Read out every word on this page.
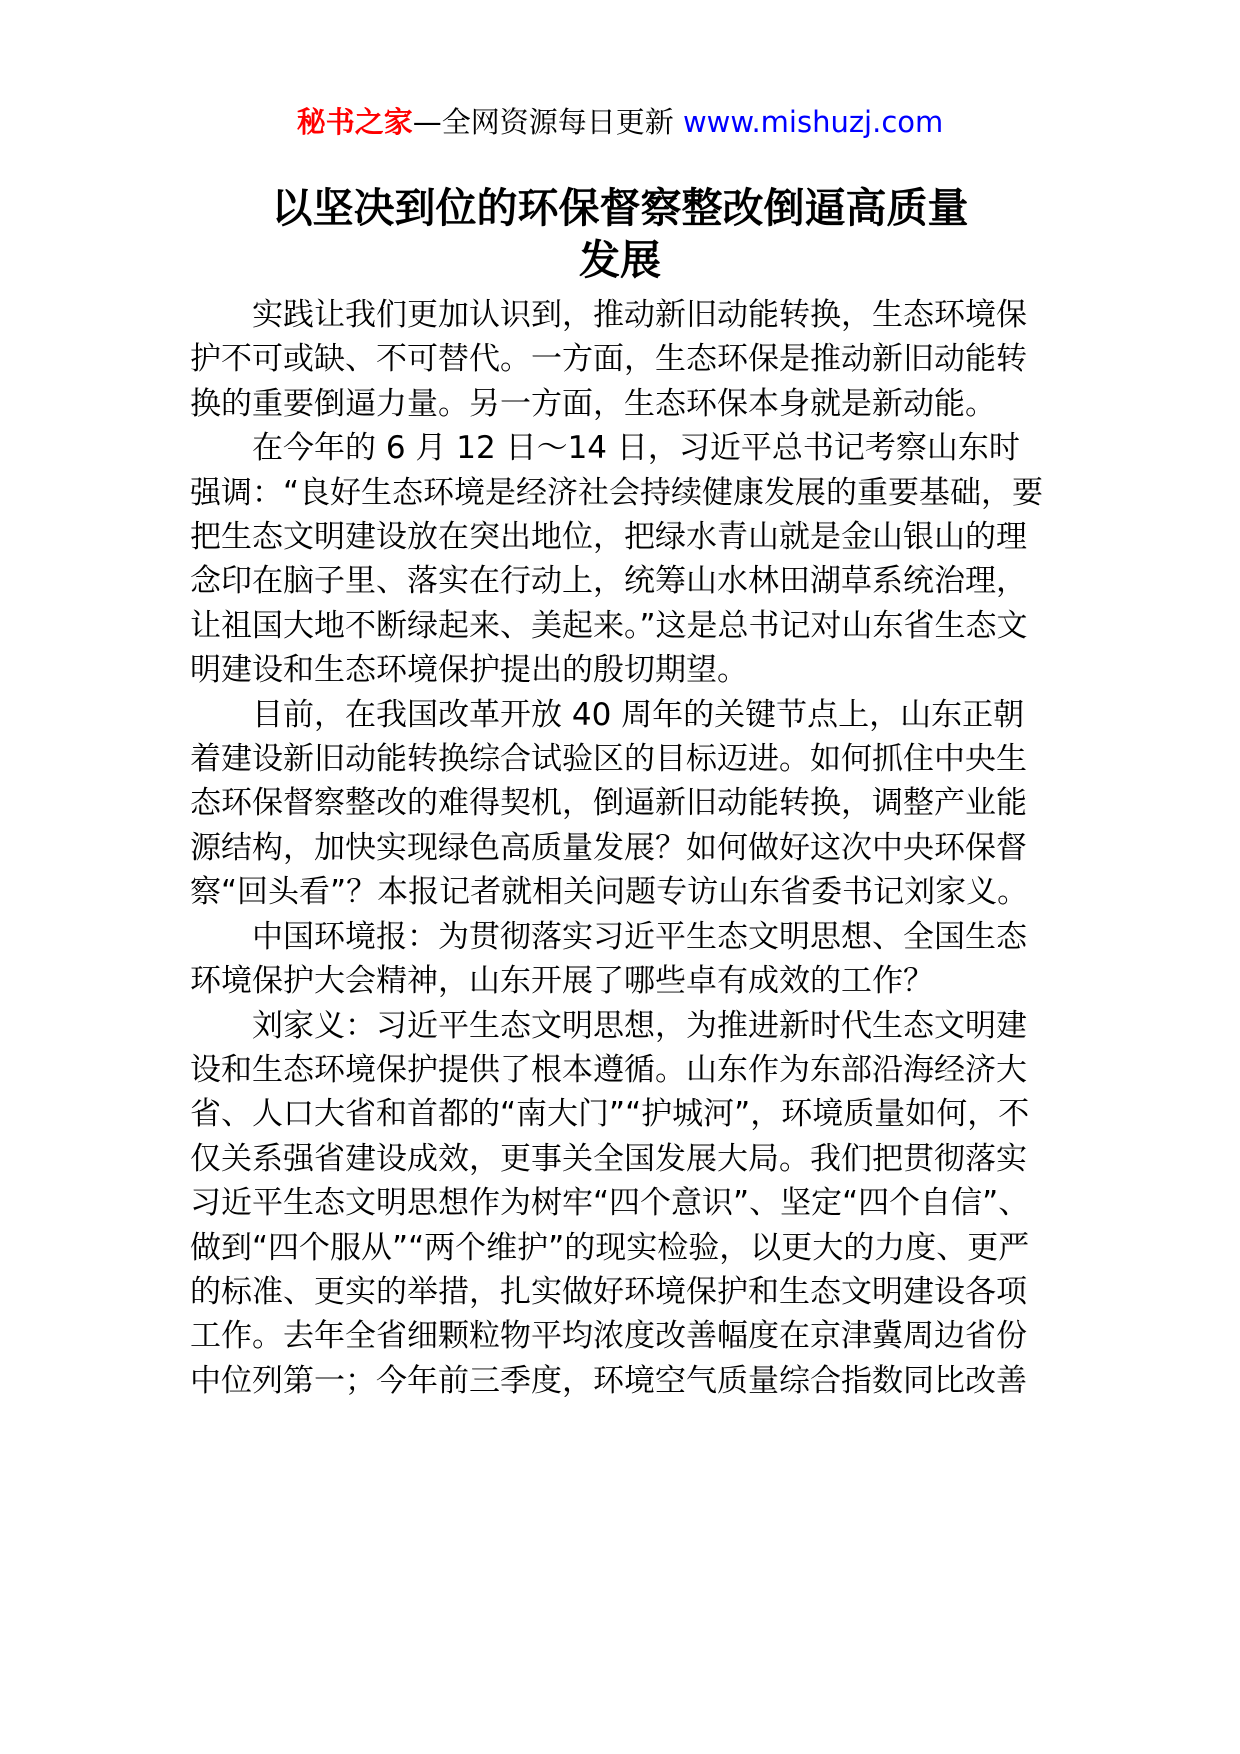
秘书之家—全网资源每日更新 www.mishuzj.com
以坚决到位的环保督察整改倒逼高质量
发展

实践让我们更加认识到，推动新旧动能转换，生态环境保护不可或缺、不可替代。一方面，生态环保是推动新旧动能转换的重要倒逼力量。另一方面，生态环保本身就是新动能。

在今年的 6 月 12 日～14 日，习近平总书记考察山东时强调：“良好生态环境是经济社会持续健康发展的重要基础，要把生态文明建设放在突出地位，把绿水青山就是金山银山的理念印在脑子里、落实在行动上，统筹山水林田湖草系统治理，让祖国大地不断绿起来、美起来。”这是总书记对山东省生态文明建设和生态环境保护提出的殷切期望。

目前，在我国改革开放 40 周年的关键节点上，山东正朝着建设新旧动能转换综合试验区的目标迈进。如何抓住中央生态环保督察整改的难得契机，倒逼新旧动能转换，调整产业能源结构，加快实现绿色高质量发展？如何做好这次中央环保督察“回头看”？本报记者就相关问题专访山东省委书记刘家义。

中国环境报：为贯彻落实习近平生态文明思想、全国生态环境保护大会精神，山东开展了哪些卓有成效的工作？

刘家义：习近平生态文明思想，为推进新时代生态文明建设和生态环境保护提供了根本遵循。山东作为东部沿海经济大省、人口大省和首都的“南大门”“护城河”，环境质量如何，不仅关系强省建设成效，更事关全国发展大局。我们把贯彻落实习近平生态文明思想作为树牢“四个意识”、坚定“四个自信”、做到“四个服从”“两个维护”的现实检验，以更大的力度、更严的标准、更实的举措，扎实做好环境保护和生态文明建设各项工作。去年全省细颗粒物平均浓度改善幅度在京津冀周边省份中位列第一；今年前三季度，环境空气质量综合指数同比改善
